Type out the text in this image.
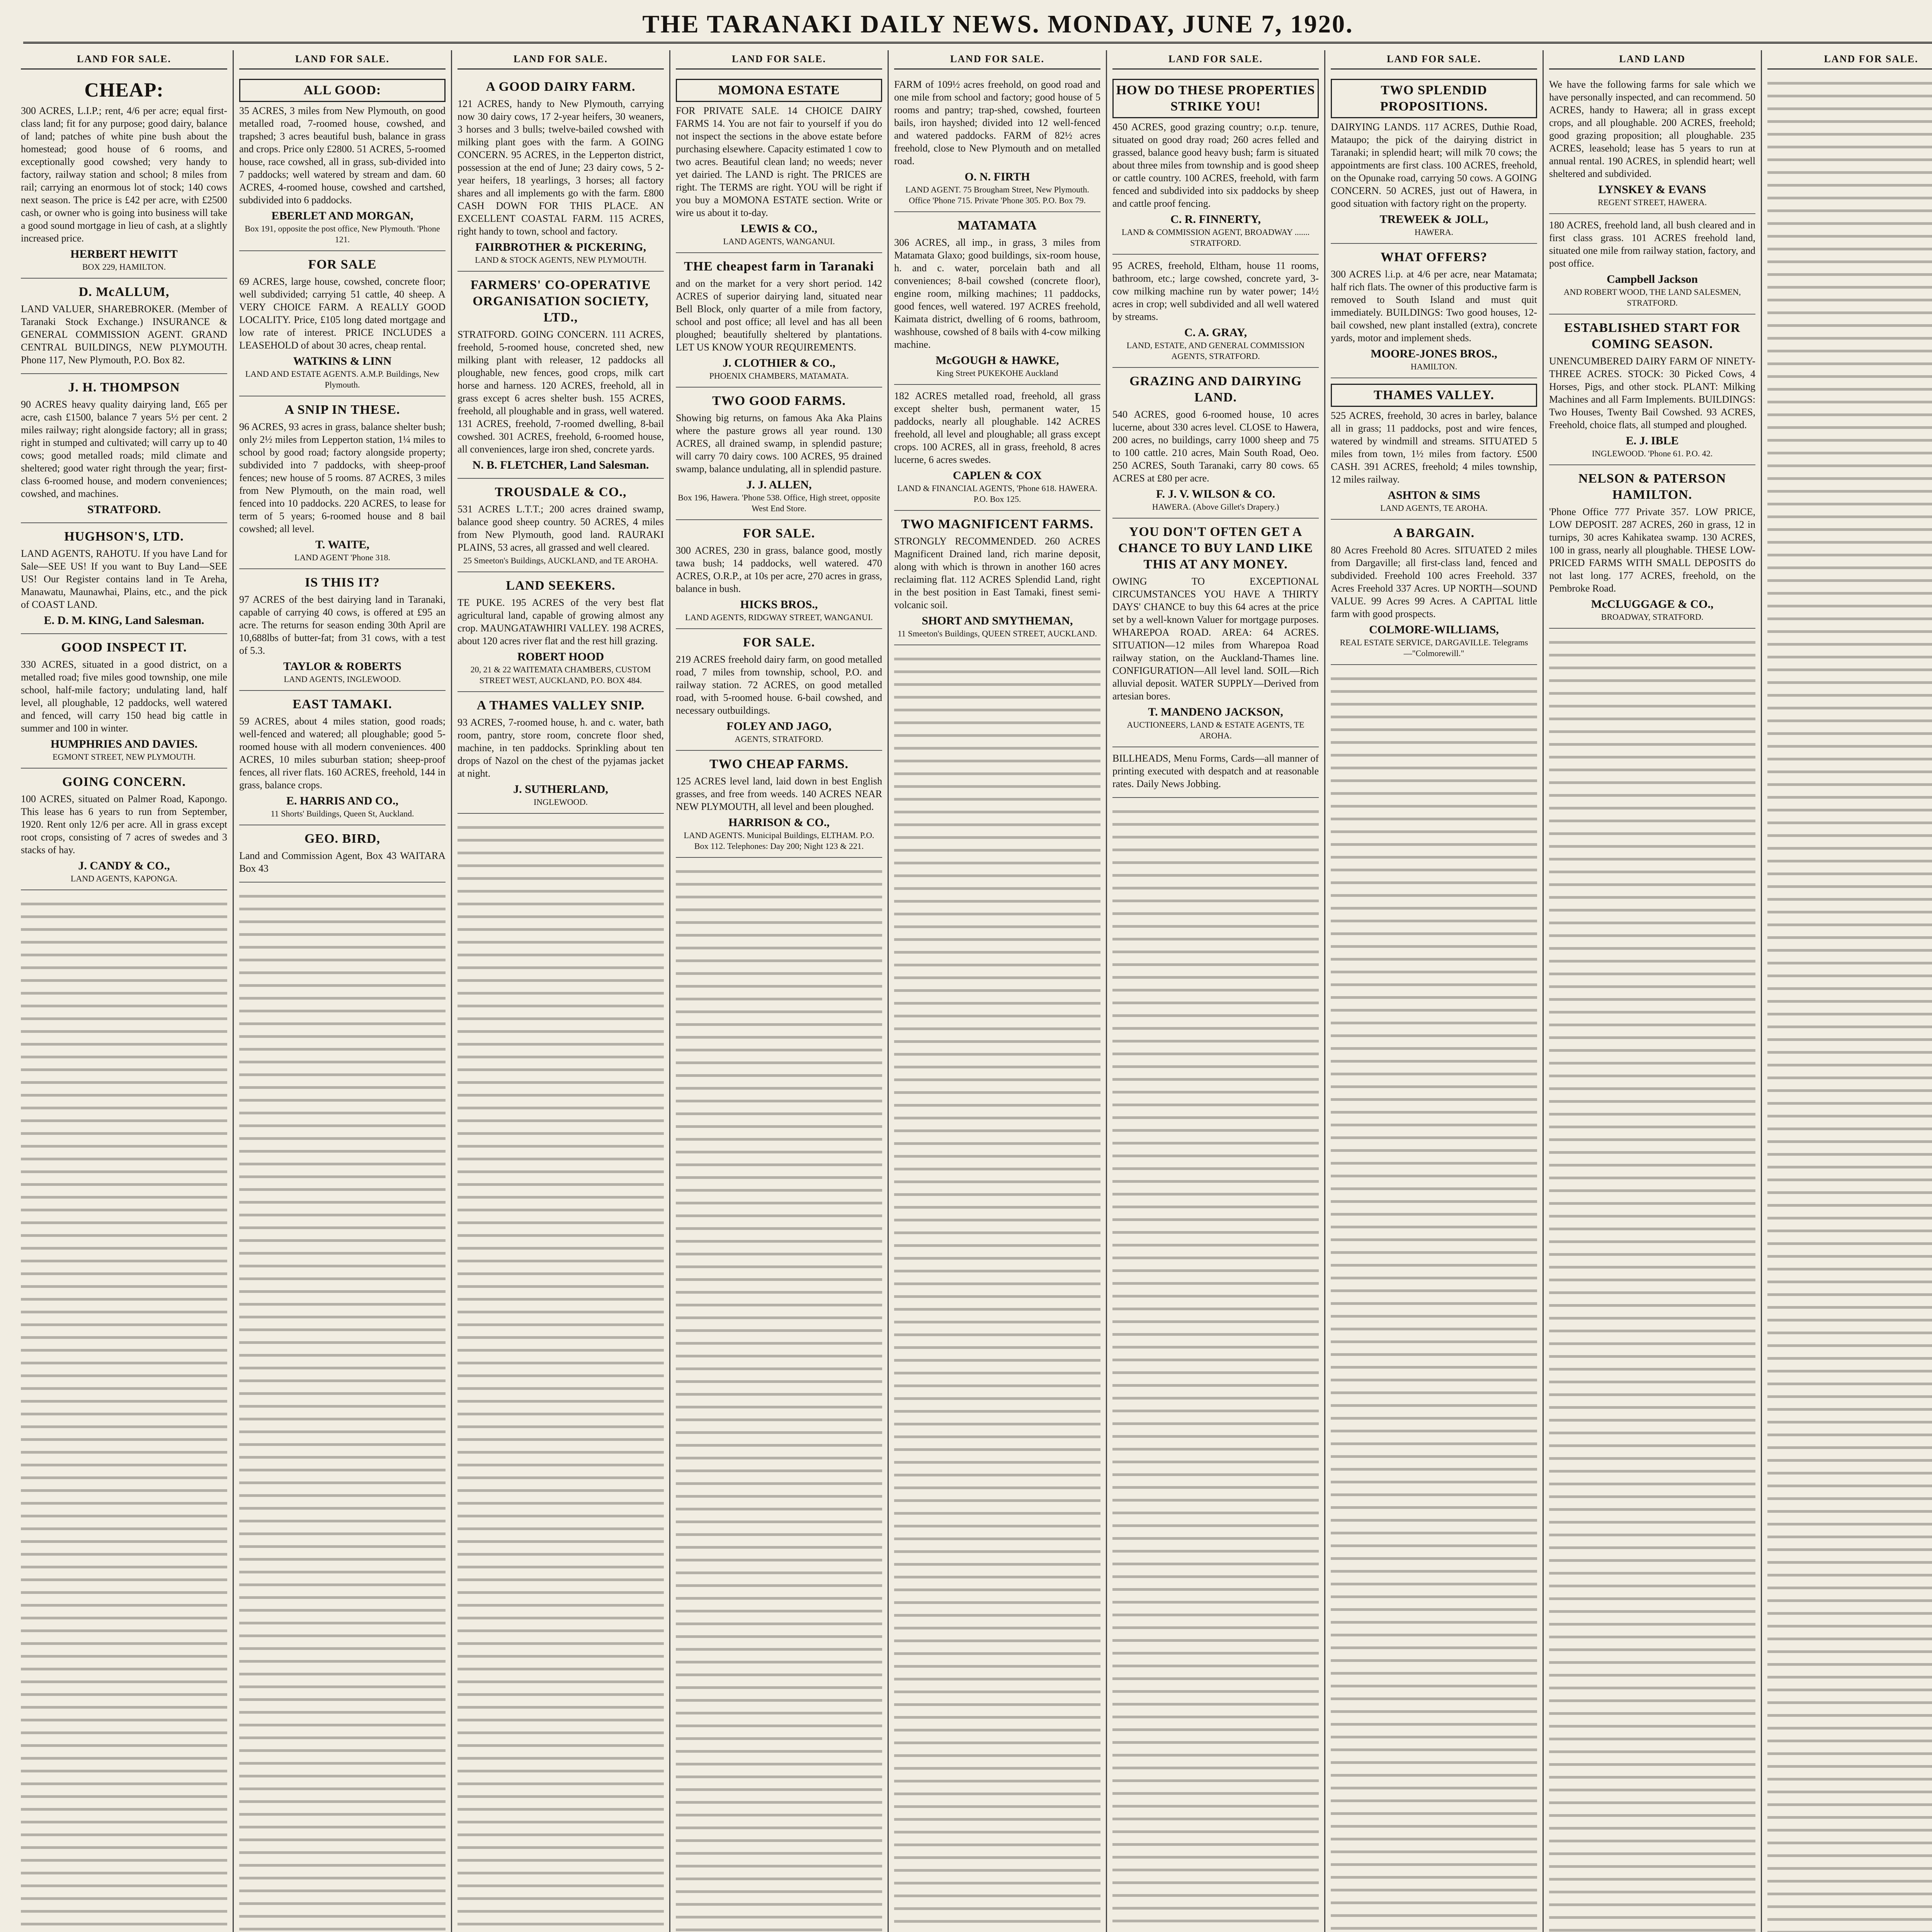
THE TARANAKI DAILY NEWS. MONDAY, JUNE 7, 1920.
LAND FOR SALE.
CHEAP:
300 ACRES, L.I.P.; rent, 4/6 per acre; equal first-class land; fit for any purpose; good dairy, balance of land; patches of white pine bush about the homestead; good house of 6 rooms, and exceptionally good cowshed; very handy to factory, railway station and school; 8 miles from rail; carrying an enormous lot of stock; 140 cows next season. The price is £42 per acre, with £2500 cash, or owner who is going into business will take a good sound mortgage in lieu of cash, at a slightly increased price.
HERBERT HEWITT
BOX 229, HAMILTON.
D. McALLUM,
LAND VALUER, SHAREBROKER. (Member of Taranaki Stock Exchange.) INSURANCE & GENERAL COMMISSION AGENT. GRAND CENTRAL BUILDINGS, NEW PLYMOUTH. Phone 117, New Plymouth, P.O. Box 82.
J. H. THOMPSON
90 ACRES heavy quality dairying land, £65 per acre, cash £1500, balance 7 years 5½ per cent. 2 miles railway; right alongside factory; all in grass; right in stumped and cultivated; will carry up to 40 cows; good metalled roads; mild climate and sheltered; good water right through the year; first-class 6-roomed house, and modern conveniences; cowshed, and machines.
STRATFORD.
HUGHSON'S, LTD.
LAND AGENTS, RAHOTU. If you have Land for Sale—SEE US! If you want to Buy Land—SEE US! Our Register contains land in Te Areha, Manawatu, Maunawhai, Plains, etc., and the pick of COAST LAND.
E. D. M. KING, Land Salesman.
GOOD INSPECT IT.
330 ACRES, situated in a good district, on a metalled road; five miles good township, one mile school, half-mile factory; undulating land, half level, all ploughable, 12 paddocks, well watered and fenced, will carry 150 head big cattle in summer and 100 in winter.
HUMPHRIES AND DAVIES.
EGMONT STREET, NEW PLYMOUTH.
GOING CONCERN.
100 ACRES, situated on Palmer Road, Kapongo. This lease has 6 years to run from September, 1920. Rent only 12/6 per acre. All in grass except root crops, consisting of 7 acres of swedes and 3 stacks of hay.
J. CANDY & CO.,
LAND AGENTS, KAPONGA.
LAND FOR SALE.
ALL GOOD:
35 ACRES, 3 miles from New Plymouth, on good metalled road, 7-roomed house, cowshed, and trapshed; 3 acres beautiful bush, balance in grass and crops. Price only £2800. 51 ACRES, 5-roomed house, race cowshed, all in grass, sub-divided into 7 paddocks; well watered by stream and dam. 60 ACRES, 4-roomed house, cowshed and cartshed, subdivided into 6 paddocks.
EBERLET AND MORGAN,
Box 191, opposite the post office, New Plymouth. 'Phone 121.
FOR SALE
69 ACRES, large house, cowshed, concrete floor; well subdivided; carrying 51 cattle, 40 sheep. A VERY CHOICE FARM. A REALLY GOOD LOCALITY. Price, £105 long dated mortgage and low rate of interest. PRICE INCLUDES a LEASEHOLD of about 30 acres, cheap rental.
WATKINS & LINN
LAND AND ESTATE AGENTS. A.M.P. Buildings, New Plymouth.
A SNIP IN THESE.
96 ACRES, 93 acres in grass, balance shelter bush; only 2½ miles from Lepperton station, 1¼ miles to school by good road; factory alongside property; subdivided into 7 paddocks, with sheep-proof fences; new house of 5 rooms. 87 ACRES, 3 miles from New Plymouth, on the main road, well fenced into 10 paddocks. 220 ACRES, to lease for term of 5 years; 6-roomed house and 8 bail cowshed; all level.
T. WAITE,
LAND AGENT 'Phone 318.
IS THIS IT?
97 ACRES of the best dairying land in Taranaki, capable of carrying 40 cows, is offered at £95 an acre. The returns for season ending 30th April are 10,688lbs of butter-fat; from 31 cows, with a test of 5.3.
TAYLOR & ROBERTS
LAND AGENTS, INGLEWOOD.
EAST TAMAKI.
59 ACRES, about 4 miles station, good roads; well-fenced and watered; all ploughable; good 5-roomed house with all modern conveniences. 400 ACRES, 10 miles suburban station; sheep-proof fences, all river flats. 160 ACRES, freehold, 144 in grass, balance crops.
E. HARRIS AND CO.,
11 Shorts' Buildings, Queen St, Auckland.
GEO. BIRD,
Land and Commission Agent, Box 43 WAITARA Box 43
LAND FOR SALE.
A GOOD DAIRY FARM.
121 ACRES, handy to New Plymouth, carrying now 30 dairy cows, 17 2-year heifers, 30 weaners, 3 horses and 3 bulls; twelve-bailed cowshed with milking plant goes with the farm. A GOING CONCERN. 95 ACRES, in the Lepperton district, possession at the end of June; 23 dairy cows, 5 2-year heifers, 18 yearlings, 3 horses; all factory shares and all implements go with the farm. £800 CASH DOWN FOR THIS PLACE. AN EXCELLENT COASTAL FARM. 115 ACRES, right handy to town, school and factory.
FAIRBROTHER & PICKERING,
LAND & STOCK AGENTS, NEW PLYMOUTH.
FARMERS' CO-OPERATIVE ORGANISATION SOCIETY, LTD.,
STRATFORD. GOING CONCERN. 111 ACRES, freehold, 5-roomed house, concreted shed, new milking plant with releaser, 12 paddocks all ploughable, new fences, good crops, milk cart horse and harness. 120 ACRES, freehold, all in grass except 6 acres shelter bush. 155 ACRES, freehold, all ploughable and in grass, well watered. 131 ACRES, freehold, 7-roomed dwelling, 8-bail cowshed. 301 ACRES, freehold, 6-roomed house, all conveniences, large iron shed, concrete yards.
N. B. FLETCHER, Land Salesman.
TROUSDALE & CO.,
531 ACRES L.T.T.; 200 acres drained swamp, balance good sheep country. 50 ACRES, 4 miles from New Plymouth, good land. RAURAKI PLAINS, 53 acres, all grassed and well cleared.
25 Smeeton's Buildings, AUCKLAND, and TE AROHA.
LAND SEEKERS.
TE PUKE. 195 ACRES of the very best flat agricultural land, capable of growing almost any crop. MAUNGATAWHIRI VALLEY. 198 ACRES, about 120 acres river flat and the rest hill grazing.
ROBERT HOOD
20, 21 & 22 WAITEMATA CHAMBERS, CUSTOM STREET WEST, AUCKLAND, P.O. BOX 484.
A THAMES VALLEY SNIP.
93 ACRES, 7-roomed house, h. and c. water, bath room, pantry, store room, concrete floor shed, machine, in ten paddocks. Sprinkling about ten drops of Nazol on the chest of the pyjamas jacket at night.
J. SUTHERLAND,
INGLEWOOD.
LAND FOR SALE.
MOMONA ESTATE
FOR PRIVATE SALE. 14 CHOICE DAIRY FARMS 14. You are not fair to yourself if you do not inspect the sections in the above estate before purchasing elsewhere. Capacity estimated 1 cow to two acres. Beautiful clean land; no weeds; never yet dairied. The LAND is right. The PRICES are right. The TERMS are right. YOU will be right if you buy a MOMONA ESTATE section. Write or wire us about it to-day.
LEWIS & CO.,
LAND AGENTS, WANGANUI.
THE cheapest farm in Taranaki
and on the market for a very short period. 142 ACRES of superior dairying land, situated near Bell Block, only quarter of a mile from factory, school and post office; all level and has all been ploughed; beautifully sheltered by plantations. LET US KNOW YOUR REQUIREMENTS.
J. CLOTHIER & CO.,
PHOENIX CHAMBERS, MATAMATA.
TWO GOOD FARMS.
Showing big returns, on famous Aka Aka Plains where the pasture grows all year round. 130 ACRES, all drained swamp, in splendid pasture; will carry 70 dairy cows. 100 ACRES, 95 drained swamp, balance undulating, all in splendid pasture.
J. J. ALLEN,
Box 196, Hawera. 'Phone 538. Office, High street, opposite West End Store.
FOR SALE.
300 ACRES, 230 in grass, balance good, mostly tawa bush; 14 paddocks, well watered. 470 ACRES, O.R.P., at 10s per acre, 270 acres in grass, balance in bush.
HICKS BROS.,
LAND AGENTS, RIDGWAY STREET, WANGANUI.
FOR SALE.
219 ACRES freehold dairy farm, on good metalled road, 7 miles from township, school, P.O. and railway station. 72 ACRES, on good metalled road, with 5-roomed house. 6-bail cowshed, and necessary outbuildings.
FOLEY AND JAGO,
AGENTS, STRATFORD.
TWO CHEAP FARMS.
125 ACRES level land, laid down in best English grasses, and free from weeds. 140 ACRES NEAR NEW PLYMOUTH, all level and been ploughed.
HARRISON & CO.,
LAND AGENTS. Municipal Buildings, ELTHAM. P.O. Box 112. Telephones: Day 200; Night 123 & 221.
LAND FOR SALE.
FARM of 109½ acres freehold, on good road and one mile from school and factory; good house of 5 rooms and pantry; trap-shed, cowshed, fourteen bails, iron hayshed; divided into 12 well-fenced and watered paddocks. FARM of 82½ acres freehold, close to New Plymouth and on metalled road.
O. N. FIRTH
LAND AGENT. 75 Brougham Street, New Plymouth. Office 'Phone 715. Private 'Phone 305. P.O. Box 79.
MATAMATA
306 ACRES, all imp., in grass, 3 miles from Matamata Glaxo; good buildings, six-room house, h. and c. water, porcelain bath and all conveniences; 8-bail cowshed (concrete floor), engine room, milking machines; 11 paddocks, good fences, well watered. 197 ACRES freehold, Kaimata district, dwelling of 6 rooms, bathroom, washhouse, cowshed of 8 bails with 4-cow milking machine.
McGOUGH & HAWKE,
King Street PUKEKOHE Auckland
182 ACRES metalled road, freehold, all grass except shelter bush, permanent water, 15 paddocks, nearly all ploughable. 142 ACRES freehold, all level and ploughable; all grass except crops. 100 ACRES, all in grass, freehold, 8 acres lucerne, 6 acres swedes.
CAPLEN & COX
LAND & FINANCIAL AGENTS, 'Phone 618. HAWERA. P.O. Box 125.
TWO MAGNIFICENT FARMS.
STRONGLY RECOMMENDED. 260 ACRES Magnificent Drained land, rich marine deposit, along with which is thrown in another 160 acres reclaiming flat. 112 ACRES Splendid Land, right in the best position in East Tamaki, finest semi-volcanic soil.
SHORT AND SMYTHEMAN,
11 Smeeton's Buildings, QUEEN STREET, AUCKLAND.
LAND FOR SALE.
HOW DO THESE PROPERTIES STRIKE YOU!
450 ACRES, good grazing country; o.r.p. tenure, situated on good dray road; 260 acres felled and grassed, balance good heavy bush; farm is situated about three miles from township and is good sheep or cattle country. 100 ACRES, freehold, with farm fenced and subdivided into six paddocks by sheep and cattle proof fencing.
C. R. FINNERTY,
LAND & COMMISSION AGENT, BROADWAY ....... STRATFORD.
95 ACRES, freehold, Eltham, house 11 rooms, bathroom, etc.; large cowshed, concrete yard, 3-cow milking machine run by water power; 14½ acres in crop; well subdivided and all well watered by streams.
C. A. GRAY,
LAND, ESTATE, AND GENERAL COMMISSION AGENTS, STRATFORD.
GRAZING AND DAIRYING LAND.
540 ACRES, good 6-roomed house, 10 acres lucerne, about 330 acres level. CLOSE to Hawera, 200 acres, no buildings, carry 1000 sheep and 75 to 100 cattle. 210 acres, Main South Road, Oeo. 250 ACRES, South Taranaki, carry 80 cows. 65 ACRES at £80 per acre.
F. J. V. WILSON & CO.
HAWERA. (Above Gillet's Drapery.)
YOU DON'T OFTEN GET A CHANCE TO BUY LAND LIKE THIS AT ANY MONEY.
OWING TO EXCEPTIONAL CIRCUMSTANCES YOU HAVE A THIRTY DAYS' CHANCE to buy this 64 acres at the price set by a well-known Valuer for mortgage purposes. WHAREPOA ROAD. AREA: 64 ACRES. SITUATION—12 miles from Wharepoa Road railway station, on the Auckland-Thames line. CONFIGURATION—All level land. SOIL—Rich alluvial deposit. WATER SUPPLY—Derived from artesian bores.
T. MANDENO JACKSON,
AUCTIONEERS, LAND & ESTATE AGENTS, TE AROHA.
BILLHEADS, Menu Forms, Cards—all manner of printing executed with despatch and at reasonable rates. Daily News Jobbing.
LAND FOR SALE.
TWO SPLENDID PROPOSITIONS.
DAIRYING LANDS. 117 ACRES, Duthie Road, Mataupo; the pick of the dairying district in Taranaki; in splendid heart; will milk 70 cows; the appointments are first class. 100 ACRES, freehold, on the Opunake road, carrying 50 cows. A GOING CONCERN. 50 ACRES, just out of Hawera, in good situation with factory right on the property.
TREWEEK & JOLL,
HAWERA.
WHAT OFFERS?
300 ACRES l.i.p. at 4/6 per acre, near Matamata; half rich flats. The owner of this productive farm is removed to South Island and must quit immediately. BUILDINGS: Two good houses, 12-bail cowshed, new plant installed (extra), concrete yards, motor and implement sheds.
MOORE-JONES BROS.,
HAMILTON.
THAMES VALLEY.
525 ACRES, freehold, 30 acres in barley, balance all in grass; 11 paddocks, post and wire fences, watered by windmill and streams. SITUATED 5 miles from town, 1½ miles from factory. £500 CASH. 391 ACRES, freehold; 4 miles township, 12 miles railway.
ASHTON & SIMS
LAND AGENTS, TE AROHA.
A BARGAIN.
80 Acres Freehold 80 Acres. SITUATED 2 miles from Dargaville; all first-class land, fenced and subdivided. Freehold 100 acres Freehold. 337 Acres Freehold 337 Acres. UP NORTH—SOUND VALUE. 99 Acres 99 Acres. A CAPITAL little farm with good prospects.
COLMORE-WILLIAMS,
REAL ESTATE SERVICE, DARGAVILLE. Telegrams—"Colmorewill."
LAND LAND
We have the following farms for sale which we have personally inspected, and can recommend. 50 ACRES, handy to Hawera; all in grass except crops, and all ploughable. 200 ACRES, freehold; good grazing proposition; all ploughable. 235 ACRES, leasehold; lease has 5 years to run at annual rental. 190 ACRES, in splendid heart; well sheltered and subdivided.
LYNSKEY & EVANS
REGENT STREET, HAWERA.
180 ACRES, freehold land, all bush cleared and in first class grass. 101 ACRES freehold land, situated one mile from railway station, factory, and post office.
Campbell Jackson
AND ROBERT WOOD, THE LAND SALESMEN, STRATFORD.
ESTABLISHED START FOR COMING SEASON.
UNENCUMBERED DAIRY FARM OF NINETY-THREE ACRES. STOCK: 30 Picked Cows, 4 Horses, Pigs, and other stock. PLANT: Milking Machines and all Farm Implements. BUILDINGS: Two Houses, Twenty Bail Cowshed. 93 ACRES, Freehold, choice flats, all stumped and ploughed.
E. J. IBLE
INGLEWOOD. 'Phone 61. P.O. 42.
NELSON & PATERSON HAMILTON.
'Phone Office 777 Private 357. LOW PRICE, LOW DEPOSIT. 287 ACRES, 260 in grass, 12 in turnips, 30 acres Kahikatea swamp. 130 ACRES, 100 in grass, nearly all ploughable. THESE LOW-PRICED FARMS WITH SMALL DEPOSITS do not last long. 177 ACRES, freehold, on the Pembroke Road.
McCLUGGAGE & CO.,
BROADWAY, STRATFORD.
LAND FOR SALE.
